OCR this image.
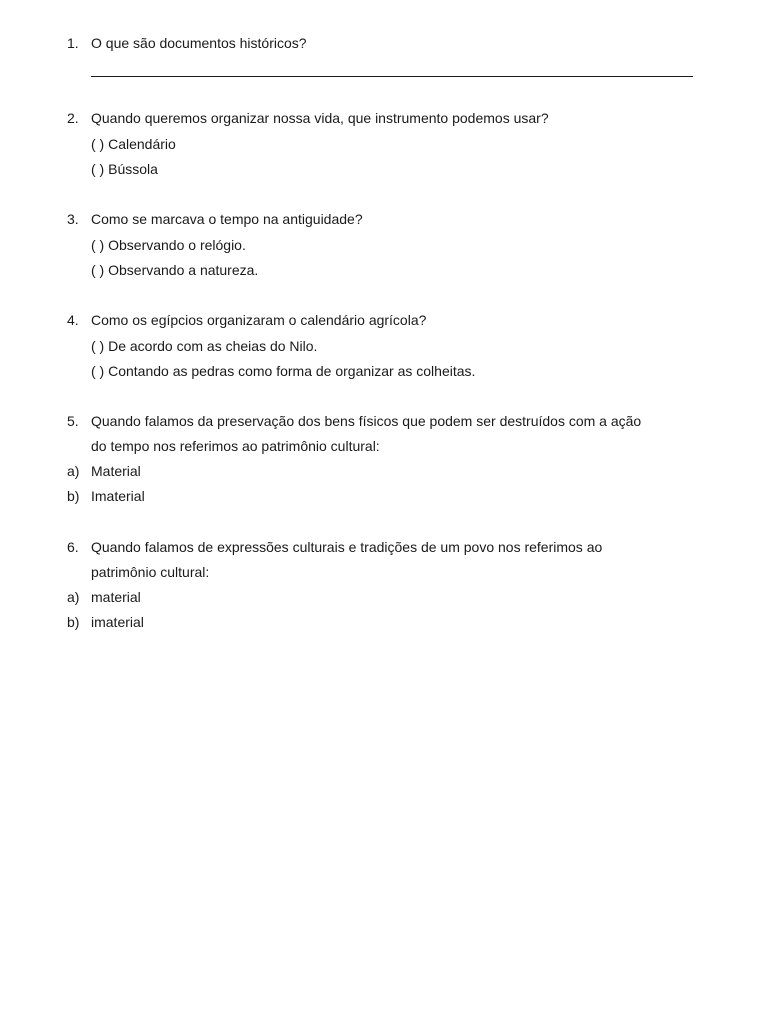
1. O que são documentos históricos?
2. Quando queremos organizar nossa vida, que instrumento podemos usar?
( ) Calendário
( ) Bússola
3. Como se marcava o tempo na antiguidade?
( ) Observando o relógio.
( ) Observando a natureza.
4. Como os egípcios organizaram o calendário agrícola?
( ) De acordo com as cheias do Nilo.
( ) Contando as pedras como forma de organizar as colheitas.
5. Quando falamos da preservação dos bens físicos que podem ser destruídos com a ação
do tempo nos referimos ao patrimônio cultural:
a) Material
b) Imaterial
6. Quando falamos de expressões culturais e tradições de um povo nos referimos ao
patrimônio cultural:
a) material
b) imaterial
